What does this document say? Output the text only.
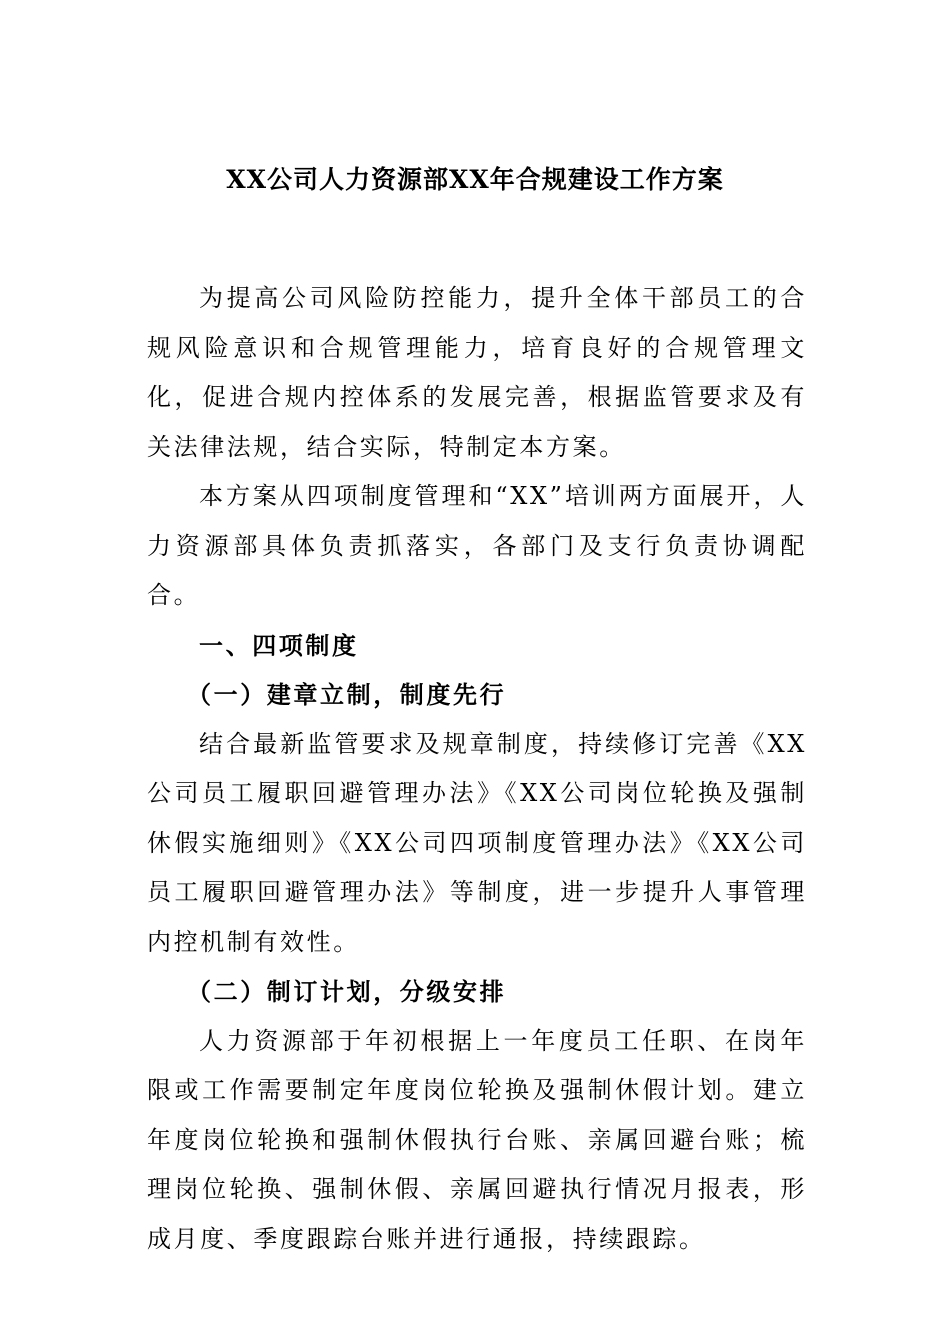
XX公司人力资源部XX年合规建设工作方案

为提高公司风险防控能力，提升全体干部员工的合规风险意识和合规管理能力，培育良好的合规管理文化，促进合规内控体系的发展完善，根据监管要求及有关法律法规，结合实际，特制定本方案。

本方案从四项制度管理和“XX”培训两方面展开，人力资源部具体负责抓落实，各部门及支行负责协调配合。

一、四项制度

（一）建章立制，制度先行

结合最新监管要求及规章制度，持续修订完善《XX公司员工履职回避管理办法》《XX公司岗位轮换及强制休假实施细则》《XX公司四项制度管理办法》《XX公司员工履职回避管理办法》等制度，进一步提升人事管理内控机制有效性。

（二）制订计划，分级安排

人力资源部于年初根据上一年度员工任职、在岗年限或工作需要制定年度岗位轮换及强制休假计划。建立年度岗位轮换和强制休假执行台账、亲属回避台账；梳理岗位轮换、强制休假、亲属回避执行情况月报表，形成月度、季度跟踪台账并进行通报，持续跟踪。
